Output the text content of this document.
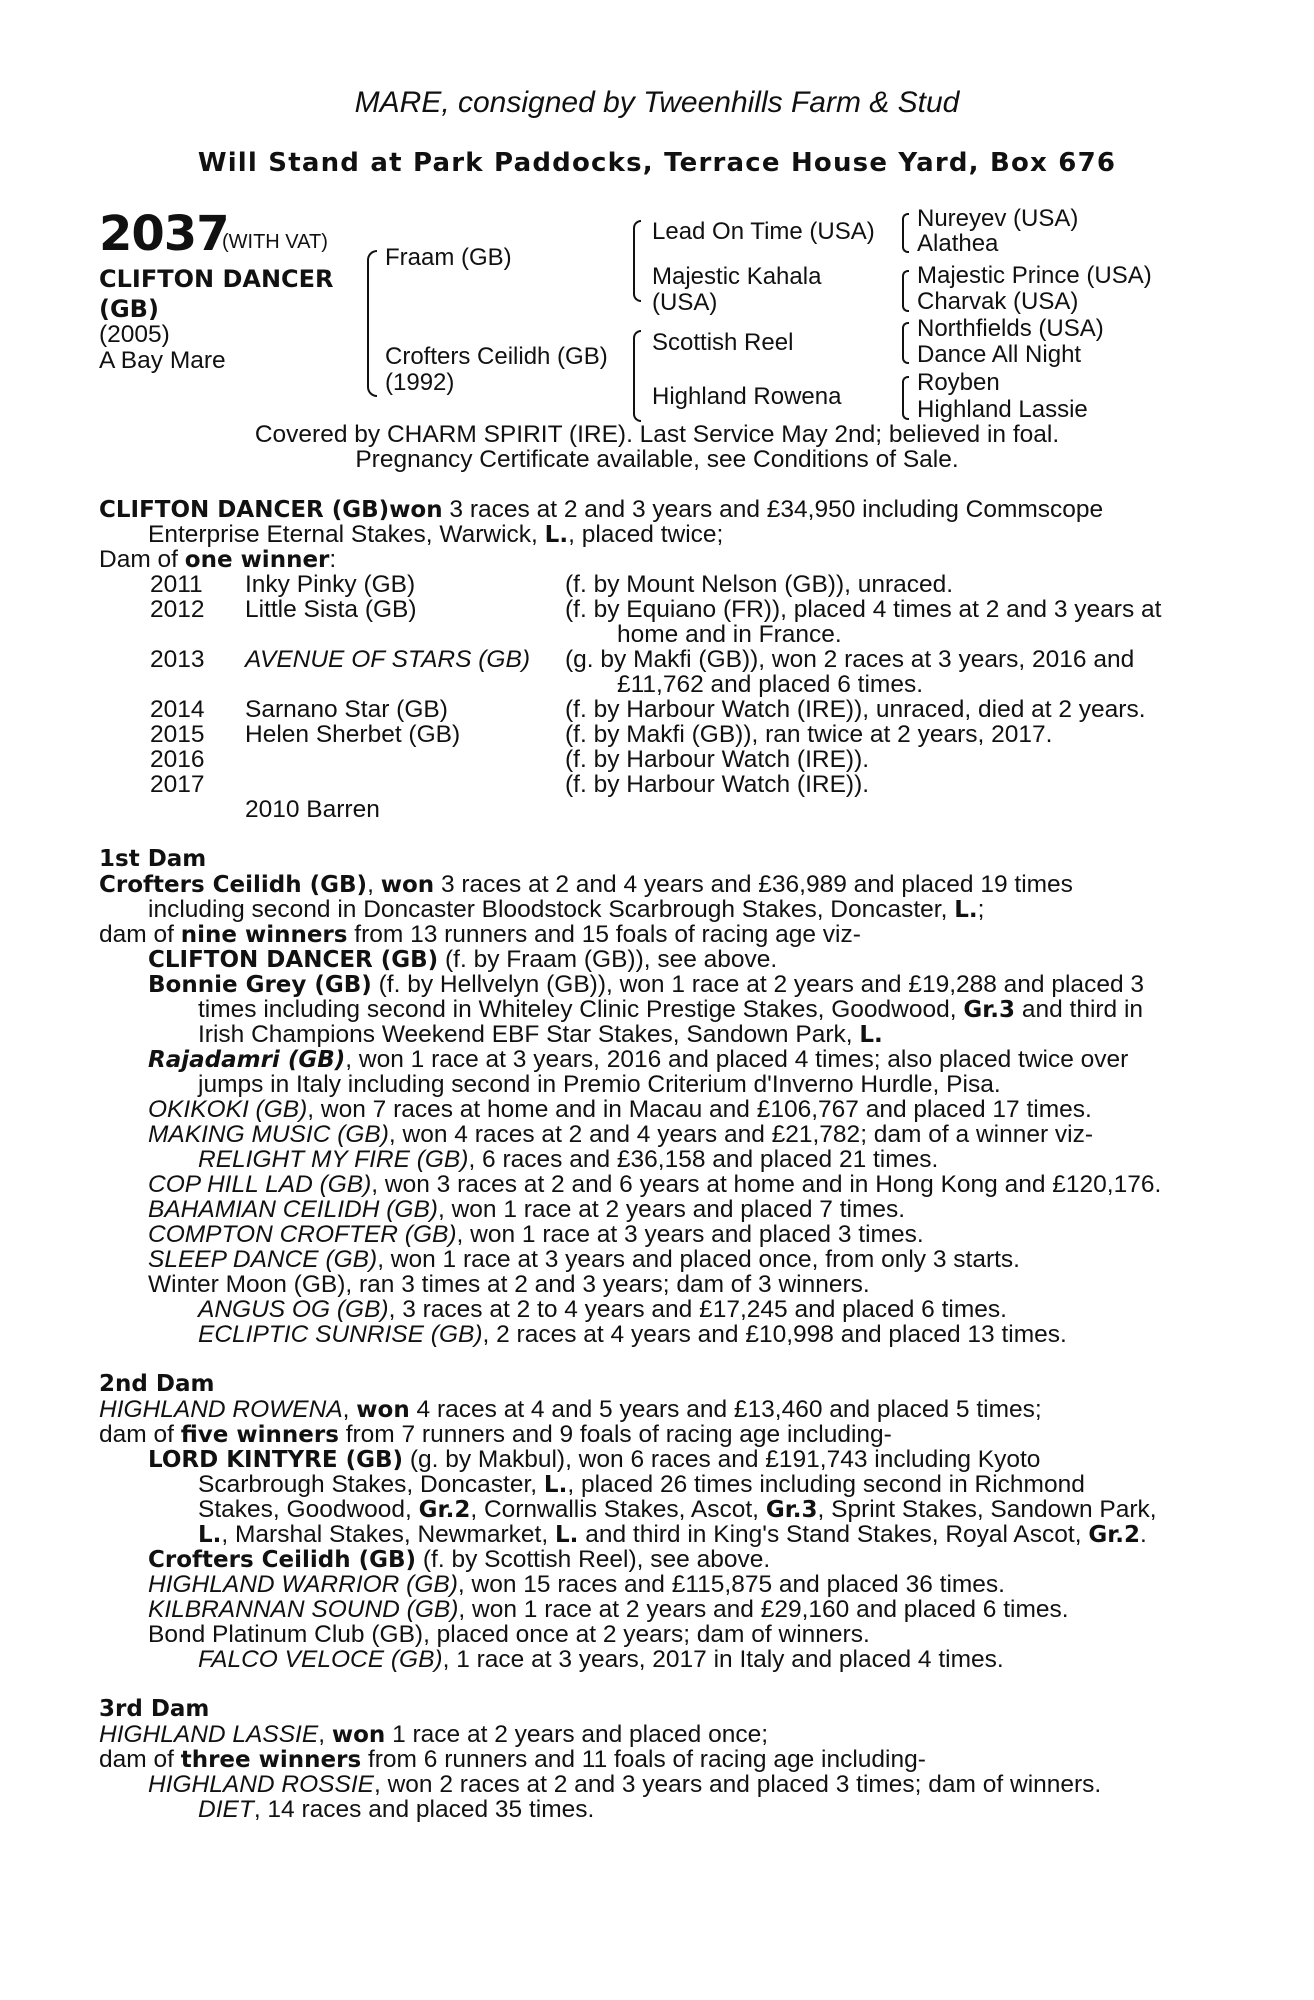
MARE, consigned by Tweenhills Farm & Stud
Will Stand at Park Paddocks, Terrace House Yard, Box 676
2037
(WITH VAT)
CLIFTON DANCER
(GB)
(2005)
A Bay Mare
Fraam (GB)
Crofters Ceilidh (GB)
(1992)
Lead On Time (USA)
Majestic Kahala
(USA)
Scottish Reel
Highland Rowena
Nureyev (USA)
Alathea
Majestic Prince (USA)
Charvak (USA)
Northfields (USA)
Dance All Night
Royben
Highland Lassie
Covered by CHARM SPIRIT (IRE). Last Service May 2nd; believed in foal.
Pregnancy Certificate available, see Conditions of Sale.
CLIFTON DANCER (GB)won 3 races at 2 and 3 years and £34,950 including Commscope
Enterprise Eternal Stakes, Warwick, L., placed twice;
Dam of one winner:
2011 Inky Pinky (GB)	(f. by Mount Nelson (GB)), unraced.
2012 Little Sista (GB)	(f. by Equiano (FR)), placed 4 times at 2 and 3 years at
home and in France.
2013 AVENUE OF STARS (GB) (g. by Makfi (GB)), won 2 races at 3 years, 2016 and
£11,762 and placed 6 times.
2014 Sarnano Star (GB)	(f. by Harbour Watch (IRE)), unraced, died at 2 years.
2015 Helen Sherbet (GB)	(f. by Makfi (GB)), ran twice at 2 years, 2017.
2016	(f. by Harbour Watch (IRE)).
2017	(f. by Harbour Watch (IRE)).
2010 Barren
1st Dam
Crofters Ceilidh (GB), won 3 races at 2 and 4 years and £36,989 and placed 19 times
including second in Doncaster Bloodstock Scarbrough Stakes, Doncaster, L.;
dam of nine winners from 13 runners and 15 foals of racing age viz-
CLIFTON DANCER (GB) (f. by Fraam (GB)), see above.
Bonnie Grey (GB) (f. by Hellvelyn (GB)), won 1 race at 2 years and £19,288 and placed 3
times including second in Whiteley Clinic Prestige Stakes, Goodwood, Gr.3 and third in
Irish Champions Weekend EBF Star Stakes, Sandown Park, L.
Rajadamri (GB), won 1 race at 3 years, 2016 and placed 4 times; also placed twice over
jumps in Italy including second in Premio Criterium d'Inverno Hurdle, Pisa.
OKIKOKI (GB), won 7 races at home and in Macau and £106,767 and placed 17 times.
MAKING MUSIC (GB), won 4 races at 2 and 4 years and £21,782; dam of a winner viz-
RELIGHT MY FIRE (GB), 6 races and £36,158 and placed 21 times.
COP HILL LAD (GB), won 3 races at 2 and 6 years at home and in Hong Kong and £120,176.
BAHAMIAN CEILIDH (GB), won 1 race at 2 years and placed 7 times.
COMPTON CROFTER (GB), won 1 race at 3 years and placed 3 times.
SLEEP DANCE (GB), won 1 race at 3 years and placed once, from only 3 starts.
Winter Moon (GB), ran 3 times at 2 and 3 years; dam of 3 winners.
ANGUS OG (GB), 3 races at 2 to 4 years and £17,245 and placed 6 times.
ECLIPTIC SUNRISE (GB), 2 races at 4 years and £10,998 and placed 13 times.
2nd Dam
HIGHLAND ROWENA, won 4 races at 4 and 5 years and £13,460 and placed 5 times;
dam of five winners from 7 runners and 9 foals of racing age including-
LORD KINTYRE (GB) (g. by Makbul), won 6 races and £191,743 including Kyoto
Scarbrough Stakes, Doncaster, L., placed 26 times including second in Richmond
Stakes, Goodwood, Gr.2, Cornwallis Stakes, Ascot, Gr.3, Sprint Stakes, Sandown Park,
L., Marshal Stakes, Newmarket, L. and third in King's Stand Stakes, Royal Ascot, Gr.2.
Crofters Ceilidh (GB) (f. by Scottish Reel), see above.
HIGHLAND WARRIOR (GB), won 15 races and £115,875 and placed 36 times.
KILBRANNAN SOUND (GB), won 1 race at 2 years and £29,160 and placed 6 times.
Bond Platinum Club (GB), placed once at 2 years; dam of winners.
FALCO VELOCE (GB), 1 race at 3 years, 2017 in Italy and placed 4 times.
3rd Dam
HIGHLAND LASSIE, won 1 race at 2 years and placed once;
dam of three winners from 6 runners and 11 foals of racing age including-
HIGHLAND ROSSIE, won 2 races at 2 and 3 years and placed 3 times; dam of winners.
DIET, 14 races and placed 35 times.
